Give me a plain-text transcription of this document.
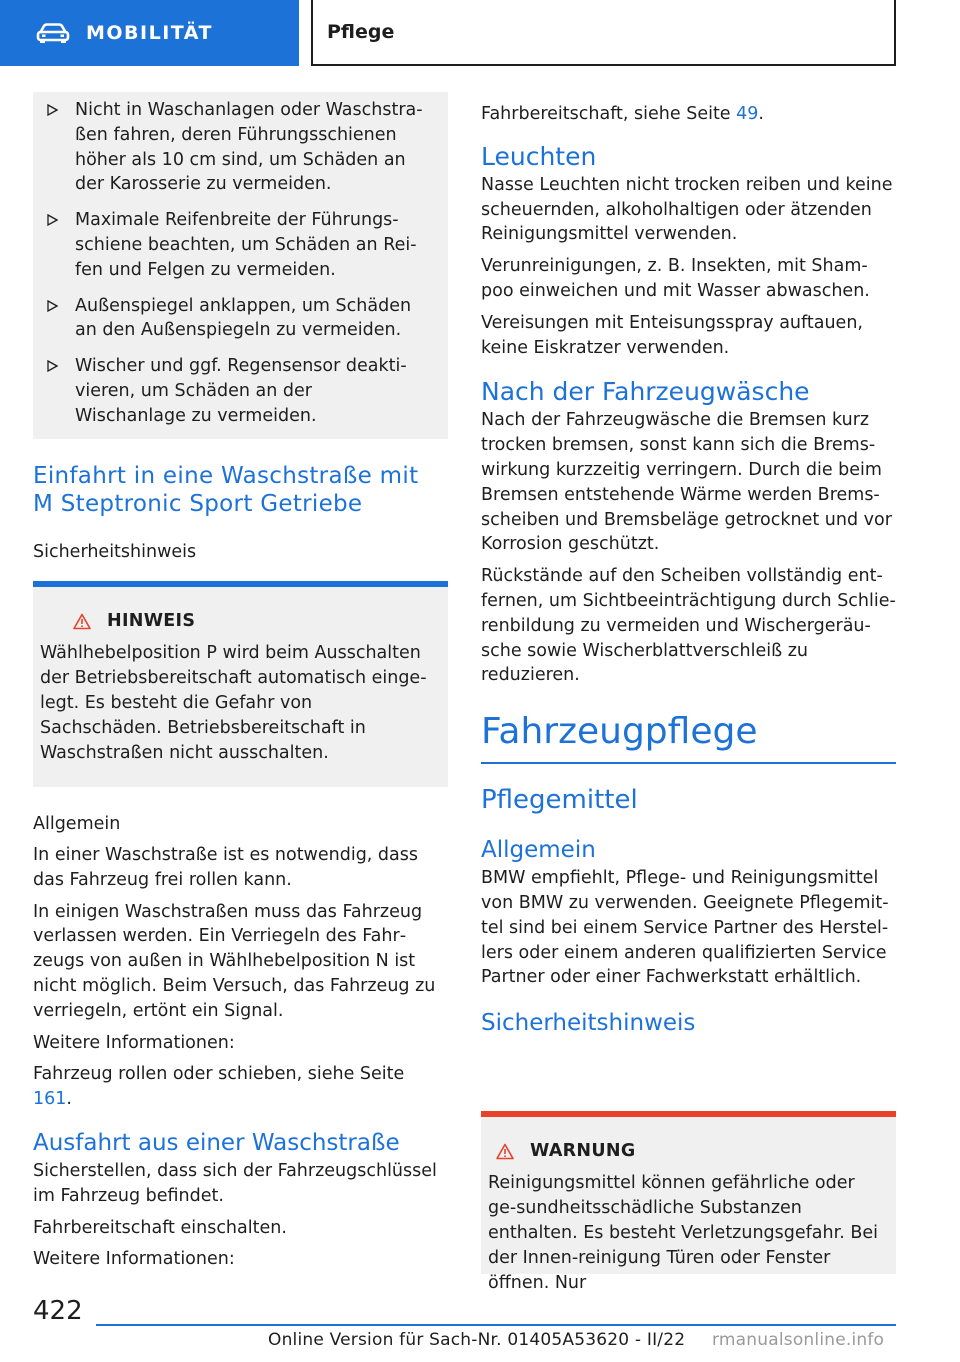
MOBILITÄT	Pflege

Nicht in Waschanlagen oder Waschstra‐ßen fahren, deren Führungsschienen höher als 10 cm sind, um Schäden an der Karosserie zu vermeiden.

Maximale Reifenbreite der Führungs‐schiene beachten, um Schäden an Rei‐fen und Felgen zu vermeiden.

Außenspiegel anklappen, um Schäden an den Außenspiegeln zu vermeiden.

Wischer und ggf. Regensensor deakti‐vieren, um Schäden an der Wischanlage zu vermeiden.

Einfahrt in eine Waschstraße mit
M Steptronic Sport Getriebe
Sicherheitshinweis
HINWEIS

Wählhebelposition P wird beim Ausschalten der Betriebsbereitschaft automatisch einge‐legt. Es besteht die Gefahr von Sachschäden. Betriebsbereitschaft in Waschstraßen nicht ausschalten.

Allgemein

In einer Waschstraße ist es notwendig, dass das Fahrzeug frei rollen kann.

In einigen Waschstraßen muss das Fahrzeug verlassen werden. Ein Verriegeln des Fahr‐zeugs von außen in Wählhebelposition N ist nicht möglich. Beim Versuch, das Fahrzeug zu verriegeln, ertönt ein Signal.

Weitere Informationen:

Fahrzeug rollen oder schieben, siehe Seite 161.

Ausfahrt aus einer Waschstraße

Sicherstellen, dass sich der Fahrzeugschlüssel im Fahrzeug befindet.

Fahrbereitschaft einschalten.

Weitere Informationen:

Fahrbereitschaft, siehe Seite 49.

Leuchten

Nasse Leuchten nicht trocken reiben und keine scheuernden, alkoholhaltigen oder ätzenden Reinigungsmittel verwenden.

Verunreinigungen, z. B. Insekten, mit Sham‐poo einweichen und mit Wasser abwaschen.

Vereisungen mit Enteisungsspray auftauen, keine Eiskratzer verwenden.

Nach der Fahrzeugwäsche

Nach der Fahrzeugwäsche die Bremsen kurz trocken bremsen, sonst kann sich die Brems‐wirkung kurzzeitig verringern. Durch die beim Bremsen entstehende Wärme werden Brems‐scheiben und Bremsbeläge getrocknet und vor Korrosion geschützt.

Rückstände auf den Scheiben vollständig ent‐fernen, um Sichtbeeinträchtigung durch Schlie‐renbildung zu vermeiden und Wischergeräu‐sche sowie Wischerblattverschleiß zu reduzieren.

Fahrzeugpflege
Pflegemittel
Allgemein

BMW empfiehlt, Pflege- und Reinigungsmittel von BMW zu verwenden. Geeignete Pflegemit‐tel sind bei einem Service Partner des Herstel‐lers oder einem anderen qualifizierten Service Partner oder einer Fachwerkstatt erhältlich.

Sicherheitshinweis
WARNUNG

Reinigungsmittel können gefährliche oder ge‐sundheitsschädliche Substanzen enthalten. Es besteht Verletzungsgefahr. Bei der Innen‐reinigung Türen oder Fenster öffnen. Nur

422
Online Version für Sach-Nr. 01405A53620 - II/22 rmanualsonline.info
